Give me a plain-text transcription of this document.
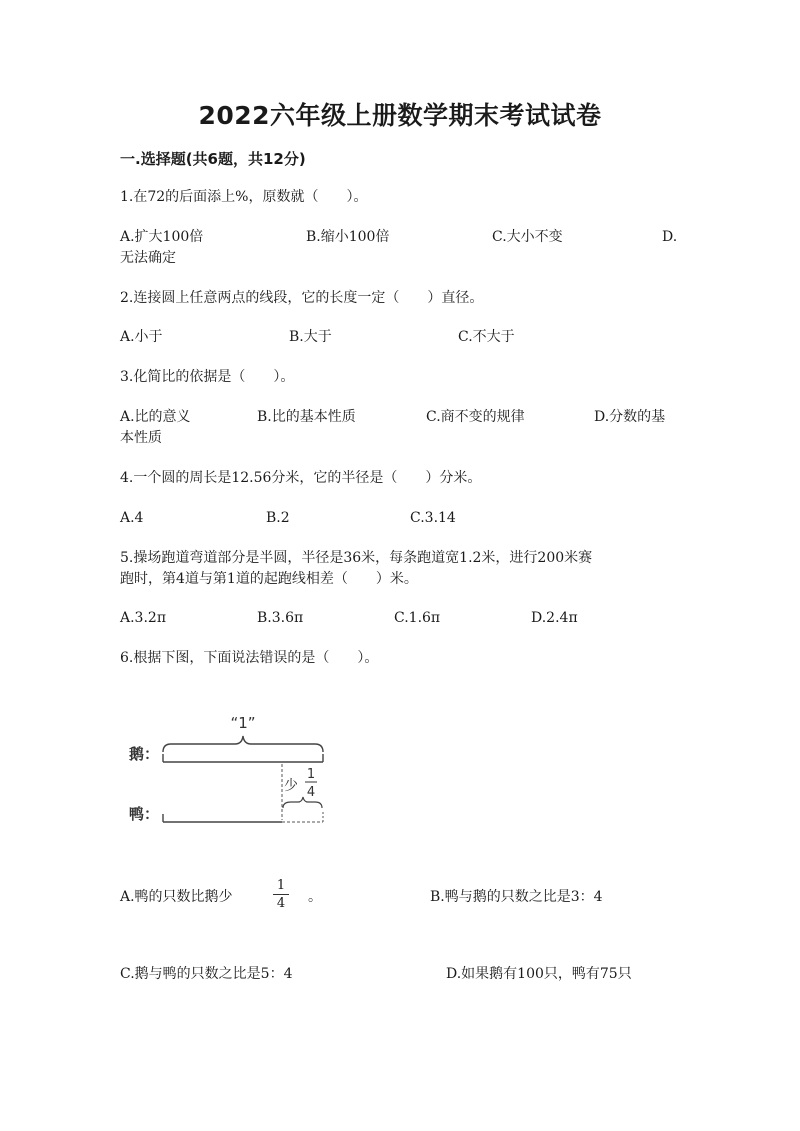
2022六年级上册数学期末考试试卷
一.选择题(共6题，共12分)
1.在72的后面添上%，原数就（　　）。
A.扩大100倍	B.缩小100倍	C.大小不变	D.
无法确定
2.连接圆上任意两点的线段，它的长度一定（　　）直径。
A.小于	B.大于	C.不大于
3.化简比的依据是（　　）。
A.比的意义	B.比的基本性质	C.商不变的规律	D.分数的基
本性质
4.一个圆的周长是12.56分米，它的半径是（　　）分米。
A.4	B.2	C.3.14
5.操场跑道弯道部分是半圆，半径是36米，每条跑道宽1.2米，进行200米赛
跑时，第4道与第1道的起跑线相差（　　）米。
A.3.2π	B.3.6π	C.1.6π	D.2.4π
6.根据下图，下面说法错误的是（　　）。
“1”
鹅：
少
1
4
鸭：
A.鸭的只数比鹅少
1
4 。	B.鸭与鹅的只数之比是3：4
C.鹅与鸭的只数之比是5：4	D.如果鹅有100只，鸭有75只
